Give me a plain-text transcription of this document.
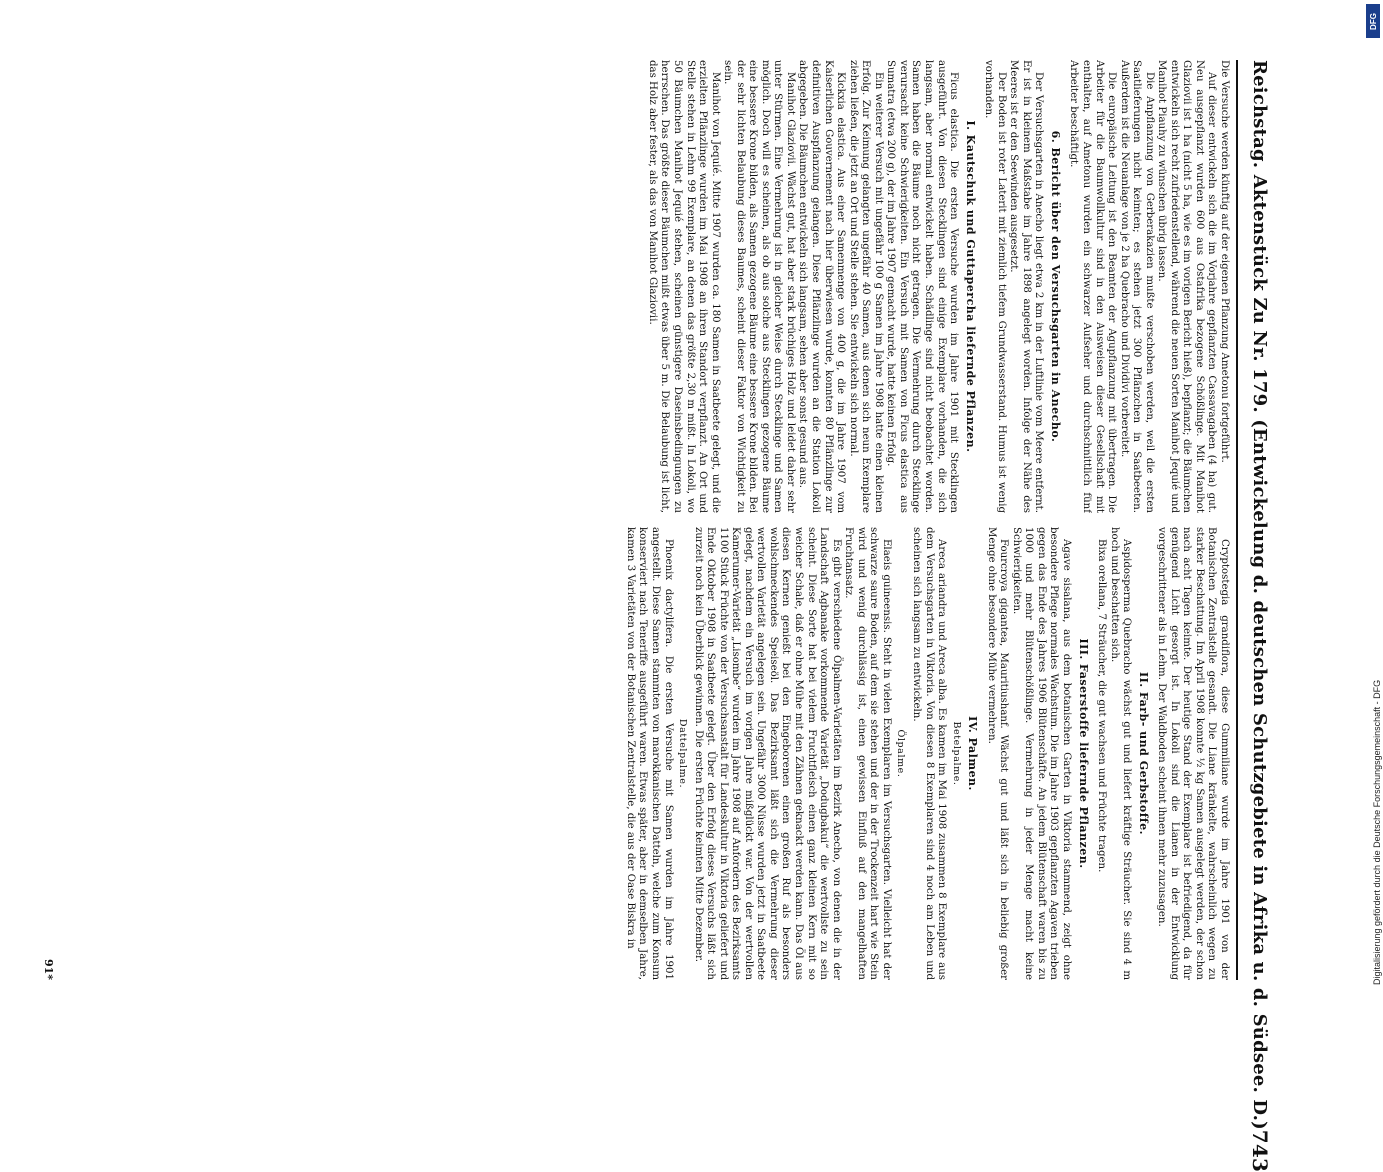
Reichstag. Aktenstück Zu Nr. 179. (Entwickelung d. deutschen Schutzgebiete in Afrika u. d. Südsee. D.)
743

Die Versuche werden künftig auf der eigenen Pflanzung Ametonu fortgeführt.

Auf dieser entwickeln sich die im Vorjahre gepflanzten Cassavagaben (4 ha) gut. Neu ausgepflanzt wurden 600 aus Ostafrika bezogene Schößlinge. Mit Manihot Glaziovii ist 1 ha (nicht 5 ha, wie es im vorigen Bericht hieß), bepflanzt; die Bäumchen entwickeln sich recht zufriedenstellend, während die neuen Sorten Manihot Jequié und Manihot Piauhy zu wünschen übrig lassen.

Die Anpflanzung von Gerberakazien mußte verschoben werden, weil die ersten Saatlieferungen nicht keimten; es stehen jetzt 300 Pflänzchen in Saatbeeten. Außerdem ist die Neuanlage von je 2 ha Quebracho und Dividivi vorbereitet.

Die europäische Leitung ist den Beamten der Agupflanzung mit übertragen. Die Arbeiter für die Baumwollkultur sind in den Ausweisen dieser Gesellschaft mit enthalten, auf Ametonu wurden ein schwarzer Aufseher und durchschnittlich fünf Arbeiter beschäftigt.

6. Bericht über den Versuchsgarten in Anecho.

Der Versuchsgarten in Anecho liegt etwa 2 km in der Luftlinie vom Meere entfernt. Er ist in kleinem Maßstabe im Jahre 1898 angelegt worden. Infolge der Nähe des Meeres ist er den Seewinden ausgesetzt.

Der Boden ist roter Laterit mit ziemlich tiefem Grundwasserstand. Humus ist wenig vorhanden.

I. Kautschuk und Guttapercha liefernde Pflanzen.

Ficus elastica. Die ersten Versuche wurden im Jahre 1901 mit Stecklingen ausgeführt. Von diesen Stecklingen sind einige Exemplare vorhanden, die sich langsam, aber normal entwickelt haben. Schädlinge sind nicht beobachtet worden. Samen haben die Bäume noch nicht getragen. Die Vermehrung durch Stecklinge verursacht keine Schwierigkeiten. Ein Versuch mit Samen von Ficus elastica aus Sumatra (etwa 200 g), der im Jahre 1907 gemacht wurde, hatte keinen Erfolg.

Ein weiterer Versuch mit ungefähr 100 g Samen im Jahre 1908 hatte einen kleinen Erfolg. Zur Keimung gelangten ungefähr 40 Samen, aus denen sich neun Exemplare ziehen ließen, die jetzt an Ort und Stelle stehen. Sie entwickeln sich normal.

Kickxia elastica. Aus einer Samenmenge von 400 g, die im Jahre 1907 vom Kaiserlichen Gouvernement nach hier überwiesen wurde, konnten 80 Pflänzlinge zur definitiven Auspflanzung gelangen. Diese Pflänzlinge wurden an die Station Lokoli abgegeben. Die Bäumchen entwickeln sich langsam, sehen aber sonst gesund aus.

Manihot Glaziovii. Wächst gut, hat aber stark brüchiges Holz und leidet daher sehr unter Stürmen. Eine Vermehrung ist in gleicher Weise durch Stecklinge und Samen möglich. Doch will es scheinen, als ob aus solche aus Stecklingen gezogene Bäume eine bessere Krone bilden, als Samen gezogene Bäume eine bessere Krone bilden. Bei der sehr lichten Belaubung dieses Baumes, scheint dieser Faktor von Wichtigkeit zu sein.

Manihot von Jequié. Mitte 1907 wurden ca. 180 Samen in Saatbeete gelegt, und die erzielten Pflänzlinge wurden im Mai 1908 an ihren Standort verpflanzt. An Ort und Stelle stehen in Lehm 99 Exemplare, an denen das größte 2,30 m mißt. In Lokoli, wo 50 Bäumchen Manihot Jequié stehen, scheinen günstigere Daseinsbedingungen zu herrschen. Das größte dieser Bäumchen mißt etwas über 5 m. Die Belaubung ist licht, das Holz aber fester, als das von Manihot Glaziovii.

Cryptostegia grandiflora, diese Gummiliane wurde im Jahre 1901 von der Botanischen Zentralstelle gesandt. Die Liane kränkelte, wahrscheinlich wegen zu starker Beschattung. Im April 1908 konnte ½ kg Samen ausgelegt werden, der schon nach acht Tagen keimte. Der heutige Stand der Exemplare ist befriedigend, da für genügend Licht gesorgt ist. In Lokoli sind die Lianen in der Entwicklung vorgeschrittener als in Lehm. Der Waldboden scheint ihnen mehr zuzusagen.

II. Farb- und Gerbstoffe.

Aspidosperma Quebracho wächst gut und liefert kräftige Sträucher. Sie sind 4 m hoch und beschatten sich.

Bixa orellana, 7 Sträucher, die gut wachsen und Früchte tragen.

III. Faserstoffe liefernde Pflanzen.

Agave sisalana, aus dem botanischen Garten in Viktoria stammend, zeigt ohne besondere Pflege normales Wachstum. Die im Jahre 1903 gepflanzten Agaven trieben gegen das Ende des Jahres 1906 Blütenschäfte. An jedem Blütenschaft waren bis zu 1000 und mehr Blütenschößlinge. Vermehrung in jeder Menge macht keine Schwierigkeiten.

Fourcroya gigantea, Mauritiushanf. Wächst gut und läßt sich in beliebig großer Menge ohne besondere Mühe vermehren.

IV. Palmen.
Betelpalme.

Areca ariandra und Areca alba. Es kamen im Mai 1908 zusammen 8 Exemplare aus dem Versuchsgarten in Viktoria. Von diesen 8 Exemplaren sind 4 noch am Leben und scheinen sich langsam zu entwickeln.

Ölpalme.

Elaeis guineensis. Steht in vielen Exemplaren im Versuchsgarten. Vielleicht hat der schwarze saure Boden, auf dem sie stehen und der in der Trockenzeit hart wie Stein wird und wenig durchlässig ist, einen gewissen Einfluß auf den mangelhaften Fruchtansatz.

Es gibt verschiedene Ölpalmen-Varietäten im Bezirk Anecho, von denen die in der Landschaft Agbanake vorkommende Varietät „Dodugbakui“ die wertvollste zu sein scheint. Diese Sorte hat bei vielem Fruchtfleisch einen ganz kleinen Kern mit so weicher Schale, daß er ohne Mühe mit den Zähnen geknackt werden kann. Das Öl aus diesen Kernen genießt bei den Eingeborenen einen großen Ruf als besonders wohlschmeckendes Speiseöl. Das Bezirksamt läßt sich die Vermehrung dieser wertvollen Varietät angelegen sein. Ungefähr 3000 Nüsse wurden jetzt in Saatbeete gelegt, nachdem ein Versuch im vorigen Jahre mißglückt war. Von der wertvollen Kamerumer-Varietät „Lisombe“ wurden im Jahre 1908 auf Anfordern des Bezirksamts 1100 Stück Früchte von der Versuchsanstalt für Landeskultur in Viktoria geliefert und Ende Oktober 1908 in Saatbeete gelegt. Über den Erfolg dieses Versuchs läßt sich zurzeit noch kein Überblick gewinnen. Die ersten Früchte keimten Mitte Dezember.

Dattelpalme.

Phoenix dactylifera. Die ersten Versuche mit Samen wurden im Jahre 1901 angestellt. Diese Samen stammten von marokkanischen Datteln, welche zum Konsum konserviert nach Teneriffe ausgeführt waren. Etwas später, aber in demselben Jahre, kamen 3 Varietäten von der Botanischen Zentralstelle, die aus der Oase Biskra in

91*
DFG
Digitalisierung gefördert durch die Deutsche Forschungsgemeinschaft - DFG
